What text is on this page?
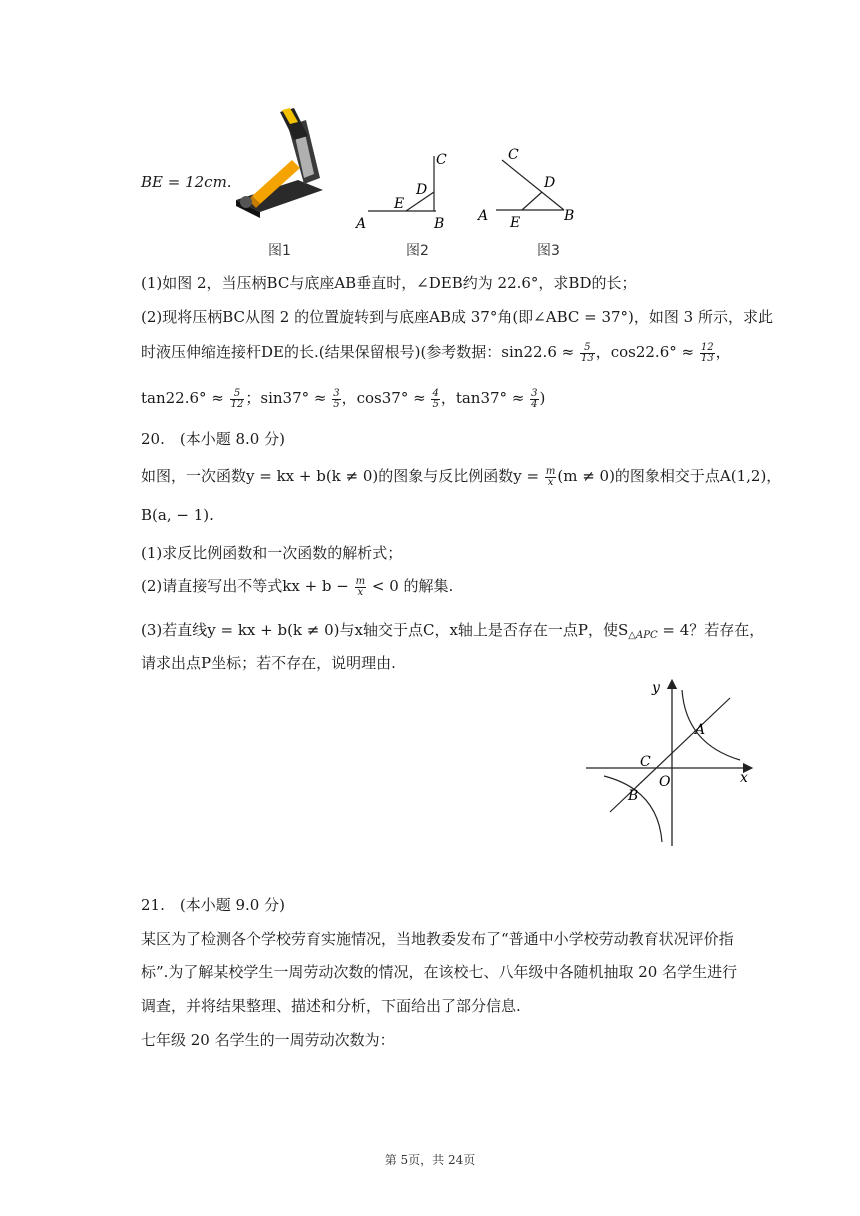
BE = 12cm.
C
D
E
A	B
C
D
E
A	B
图1	图2	图3
(1)如图 2，当压柄BC与底座AB垂直时，∠DEB约为 22.6°，求BD的长；
(2)现将压柄BC从图 2 的位置旋转到与底座AB成 37°角(即∠ABC = 37°)，如图 3 所示，求此
时液压伸缩连接杆DE的长.(结果保留根号)(参考数据：$\sin 22.6 \approx \frac{5}{13}$ ，$\cos 22.6^\circ \approx \frac{12}{13}$ ，
$\tan 22.6^\circ \approx \frac{5}{12}$ ；$\sin 37^\circ \approx \frac{3}{5}$ ，$\cos 37^\circ \approx \frac{4}{5}$ ，$\tan 37^\circ \approx \frac{3}{4}$ )
20.　(本小题 8.0 分)
如图，一次函数y = kx + b(k ≠ 0)的图象与反比例函数$y = \frac{m}{x} (m \ne 0)$的图象相交于点A(1,2)，
B(a, − 1).
(1)求反比例函数和一次函数的解析式；
(2)请直接写出不等式kx + $b - \frac{m}{x} < 0$ 的解集.
(3)若直线y = kx + b(k ≠ 0)与x轴交于点C，x轴上是否存在一点P，使$S_{\triangle APC} = 4$？若存在，
请求出点P坐标；若不存在，说明理由.
y
x
A
B
C
O
21.　(本小题 9.0 分)
某区为了检测各个学校劳育实施情况，当地教委发布了“普通中小学校劳动教育状况评价指
标”.为了解某校学生一周劳动次数的情况，在该校七、八年级中各随机抽取 20 名学生进行
调查，并将结果整理、描述和分析，下面给出了部分信息.
七年级 20 名学生的一周劳动次数为：
第 5页，共 24页
